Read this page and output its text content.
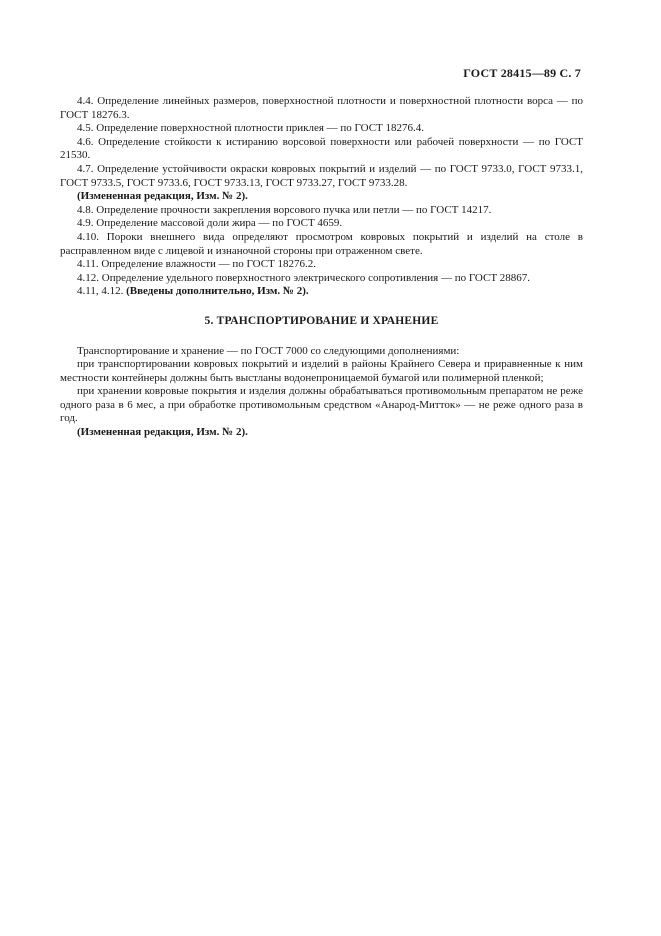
ГОСТ 28415—89 С. 7

4.4. Определение линейных размеров, поверхностной плотности и поверхностной плотности ворса — по ГОСТ 18276.3.

4.5. Определение поверхностной плотности приклея — по ГОСТ 18276.4.

4.6. Определение стойкости к истиранию ворсовой поверхности или рабочей поверхности — по ГОСТ 21530.

4.7. Определение устойчивости окраски ковровых покрытий и изделий — по ГОСТ 9733.0, ГОСТ 9733.1, ГОСТ 9733.5, ГОСТ 9733.6, ГОСТ 9733.13, ГОСТ 9733.27, ГОСТ 9733.28.

(Измененная редакция, Изм. № 2).

4.8. Определение прочности закрепления ворсового пучка или петли — по ГОСТ 14217.

4.9. Определение массовой доли жира — по ГОСТ 4659.

4.10. Пороки внешнего вида определяют просмотром ковровых покрытий и изделий на столе в расправленном виде с лицевой и изнаночной стороны при отраженном свете.

4.11. Определение влажности — по ГОСТ 18276.2.

4.12. Определение удельного поверхностного электрического сопротивления — по ГОСТ 28867.

4.11, 4.12. (Введены дополнительно, Изм. № 2).

5. ТРАНСПОРТИРОВАНИЕ И ХРАНЕНИЕ

Транспортирование и хранение — по ГОСТ 7000 со следующими дополнениями:

при транспортировании ковровых покрытий и изделий в районы Крайнего Севера и приравненные к ним местности контейнеры должны быть выстланы водонепроницаемой бумагой или полимерной пленкой;

при хранении ковровые покрытия и изделия должны обрабатываться противомольным препаратом не реже одного раза в 6 мес, а при обработке противомольным средством «Анарод-Митток» — не реже одного раза в год.

(Измененная редакция, Изм. № 2).
